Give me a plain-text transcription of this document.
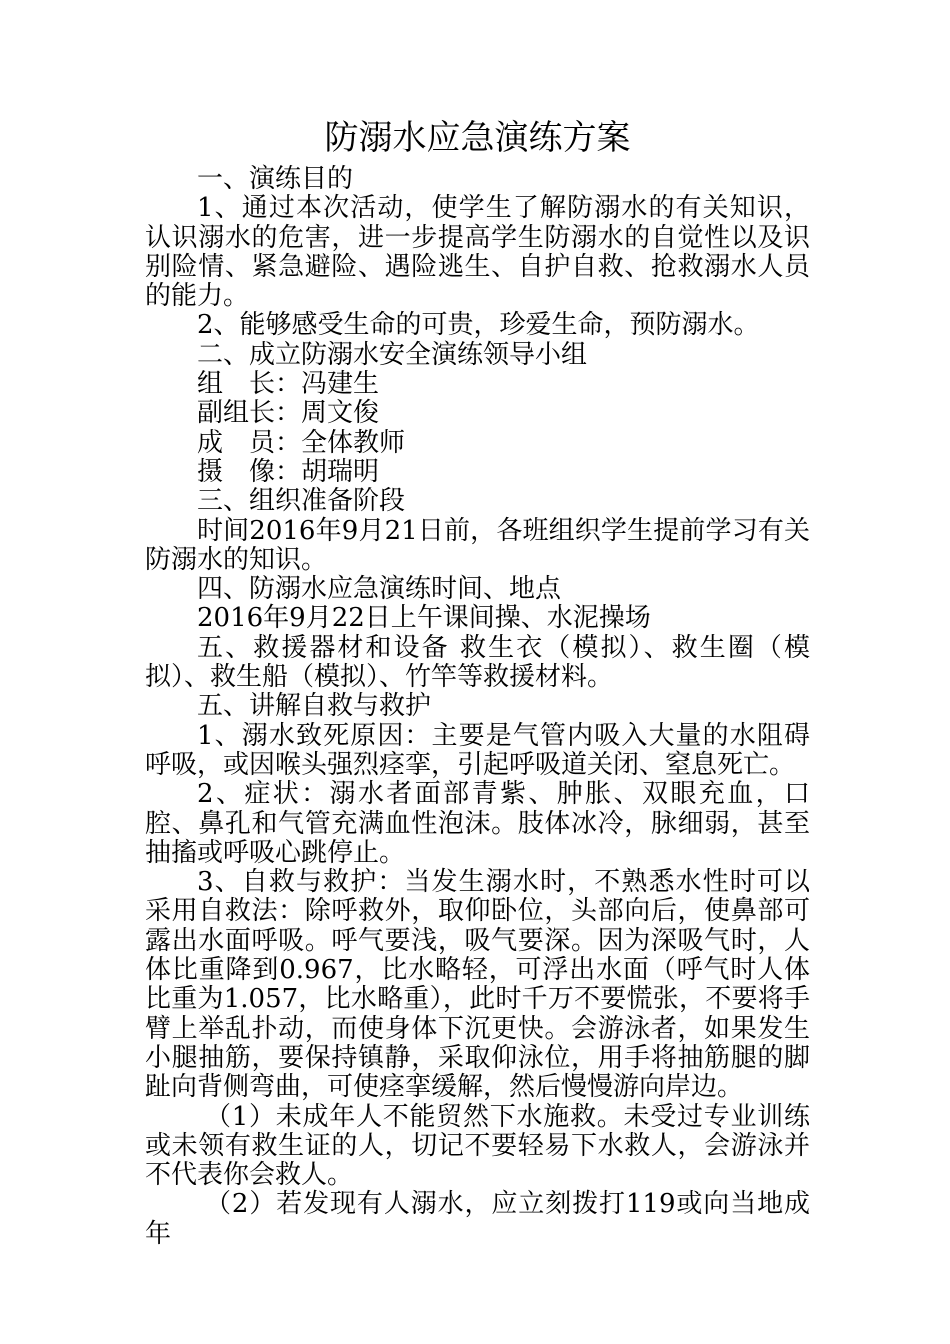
防溺水应急演练方案

一、演练目的

1、通过本次活动，使学生了解防溺水的有关知识，认识溺水的危害，进一步提高学生防溺水的自觉性以及识别险情、紧急避险、遇险逃生、自护自救、抢救溺水人员的能力。

2、能够感受生命的可贵，珍爱生命，预防溺水。

二、成立防溺水安全演练领导小组

组　长：冯建生

副组长：周文俊

成　员：全体教师

摄　像：胡瑞明

三、组织准备阶段

时间2016年9月21日前，各班组织学生提前学习有关防溺水的知识。

四、防溺水应急演练时间、地点

2016年9月22日上午课间操、水泥操场

五、救援器材和设备 救生衣（模拟）、救生圈（模拟）、救生船（模拟）、竹竿等救援材料。

五、讲解自救与救护

1、溺水致死原因：主要是气管内吸入大量的水阻碍呼吸，或因喉头强烈痉挛，引起呼吸道关闭、窒息死亡。

2、症状：溺水者面部青紫、肿胀、双眼充血，口腔、鼻孔和气管充满血性泡沫。肢体冰冷，脉细弱，甚至抽搐或呼吸心跳停止。

3、自救与救护：当发生溺水时，不熟悉水性时可以采用自救法：除呼救外，取仰卧位，头部向后，使鼻部可露出水面呼吸。呼气要浅，吸气要深。因为深吸气时，人体比重降到0.967，比水略轻，可浮出水面（呼气时人体比重为1.057，比水略重），此时千万不要慌张，不要将手臂上举乱扑动，而使身体下沉更快。会游泳者，如果发生小腿抽筋，要保持镇静，采取仰泳位，用手将抽筋腿的脚趾向背侧弯曲，可使痉挛缓解，然后慢慢游向岸边。

（1）未成年人不能贸然下水施救。未受过专业训练或未领有救生证的人，切记不要轻易下水救人，会游泳并不代表你会救人。

（2）若发现有人溺水，应立刻拨打119或向当地成年
